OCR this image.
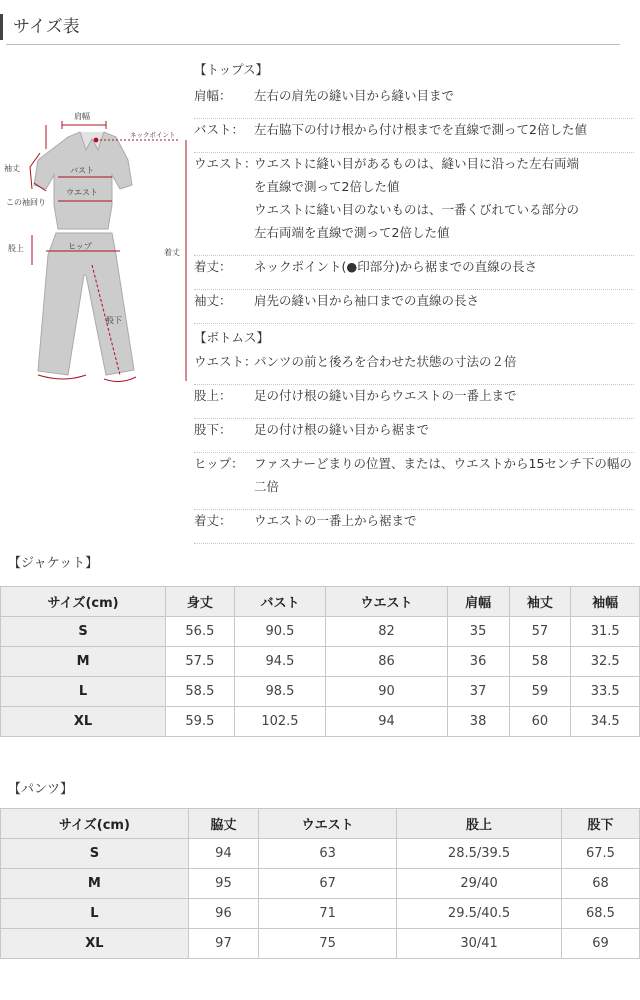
サイズ表
肩幅
ネックポイント
袖丈	バスト
ウエスト
この袖回り
着丈
股上	ヒップ
股下
【トップス】
肩幅： 左右の肩先の縫い目から縫い目まで
バスト： 左右脇下の付け根から付け根までを直線で測って2倍した値
ウエスト：
ウエストに縫い目があるものは、縫い目に沿った左右両端
を直線で測って2倍した値
ウエストに縫い目のないものは、一番くびれている部分の
左右両端を直線で測って2倍した値
着丈： ネックポイント(●印部分)から裾までの直線の長さ
袖丈： 肩先の縫い目から袖口までの直線の長さ
【ボトムス】
ウエスト：
パンツの前と後ろを合わせた状態の寸法の２倍
股上： 足の付け根の縫い目からウエストの一番上まで
股下： 足の付け根の縫い目から裾まで
ヒップ： ファスナーどまりの位置、または、ウエストから15センチ下の幅の
二倍
着丈： ウエストの一番上から裾まで
【ジャケット】
サイズ(cm)	身丈	バスト	ウエスト	肩幅	袖丈	袖幅
S	56.5	90.5	82	35	57	31.5
M	57.5	94.5	86	36	58	32.5
L	58.5	98.5	90	37	59	33.5
XL	59.5	102.5	94	38	60	34.5
【パンツ】
サイズ(cm)	脇丈	ウエスト	股上	股下
S	94	63	28.5/39.5	67.5
M	95	67	29/40	68
L	96	71	29.5/40.5	68.5
XL	97	75	30/41	69
